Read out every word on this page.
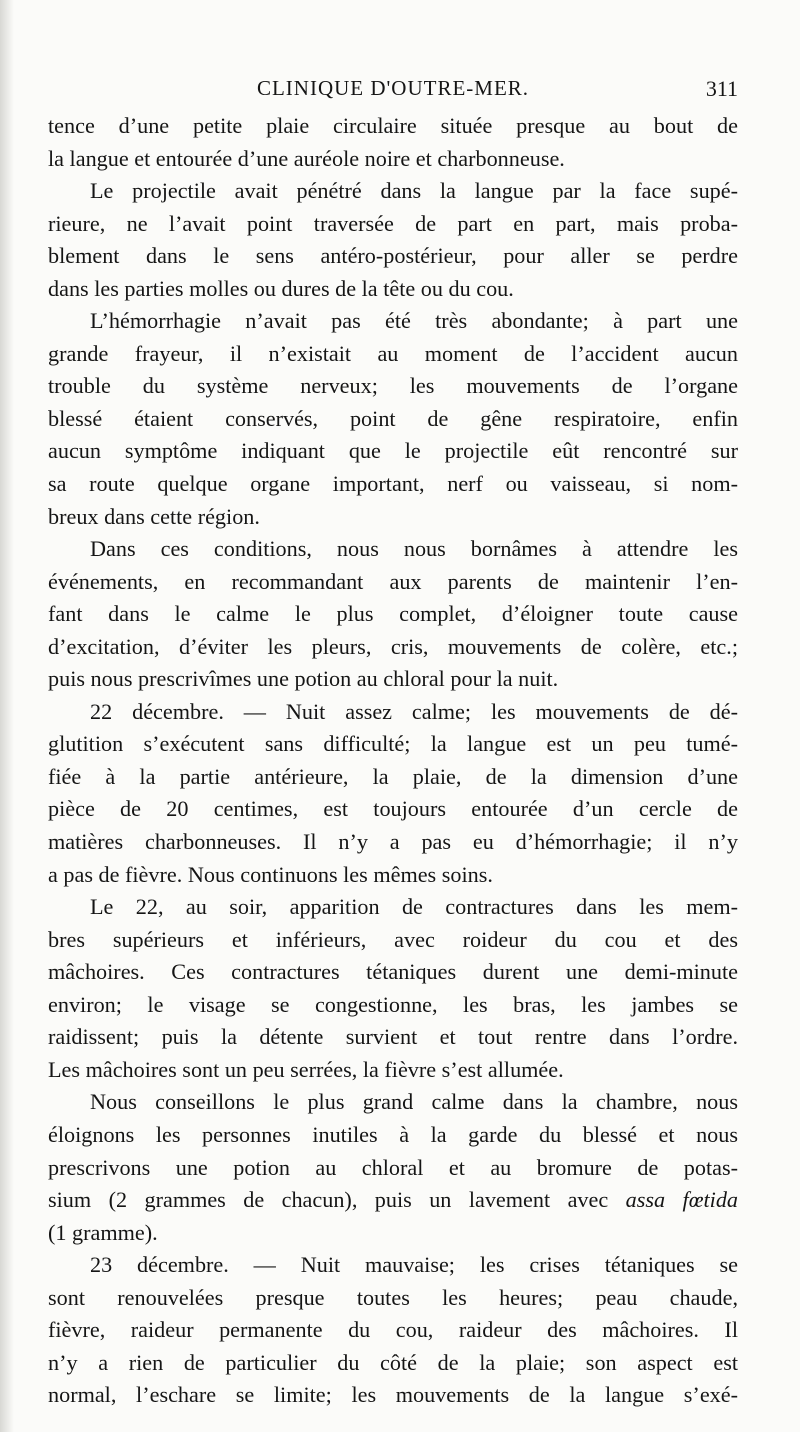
CLINIQUE D'OUTRE-MER.	311
tence d’une petite plaie circulaire située presque au bout de
la langue et entourée d’une auréole noire et charbonneuse.
Le projectile avait pénétré dans la langue par la face supé-
rieure, ne l’avait point traversée de part en part, mais proba-
blement dans le sens antéro-postérieur, pour aller se perdre
dans les parties molles ou dures de la tête ou du cou.
L’hémorrhagie n’avait pas été très abondante; à part une
grande frayeur, il n’existait au moment de l’accident aucun
trouble du système nerveux; les mouvements de l’organe
blessé étaient conservés, point de gêne respiratoire, enfin
aucun symptôme indiquant que le projectile eût rencontré sur
sa route quelque organe important, nerf ou vaisseau, si nom-
breux dans cette région.
Dans ces conditions, nous nous bornâmes à attendre les
événements, en recommandant aux parents de maintenir l’en-
fant dans le calme le plus complet, d’éloigner toute cause
d’excitation, d’éviter les pleurs, cris, mouvements de colère, etc.;
puis nous prescrivîmes une potion au chloral pour la nuit.
22 décembre. — Nuit assez calme; les mouvements de dé-
glutition s’exécutent sans difficulté; la langue est un peu tumé-
fiée à la partie antérieure, la plaie, de la dimension d’une
pièce de 20 centimes, est toujours entourée d’un cercle de
matières charbonneuses. Il n’y a pas eu d’hémorrhagie; il n’y
a pas de fièvre. Nous continuons les mêmes soins.
Le 22, au soir, apparition de contractures dans les mem-
bres supérieurs et inférieurs, avec roideur du cou et des
mâchoires. Ces contractures tétaniques durent une demi-minute
environ; le visage se congestionne, les bras, les jambes se
raidissent; puis la détente survient et tout rentre dans l’ordre.
Les mâchoires sont un peu serrées, la fièvre s’est allumée.
Nous conseillons le plus grand calme dans la chambre, nous
éloignons les personnes inutiles à la garde du blessé et nous
prescrivons une potion au chloral et au bromure de potas-
sium (2 grammes de chacun), puis un lavement avec assa fœtida
(1 gramme).
23 décembre. — Nuit mauvaise; les crises tétaniques se
sont renouvelées presque toutes les heures; peau chaude,
fièvre, raideur permanente du cou, raideur des mâchoires. Il
n’y a rien de particulier du côté de la plaie; son aspect est
normal, l’eschare se limite; les mouvements de la langue s’exé-
